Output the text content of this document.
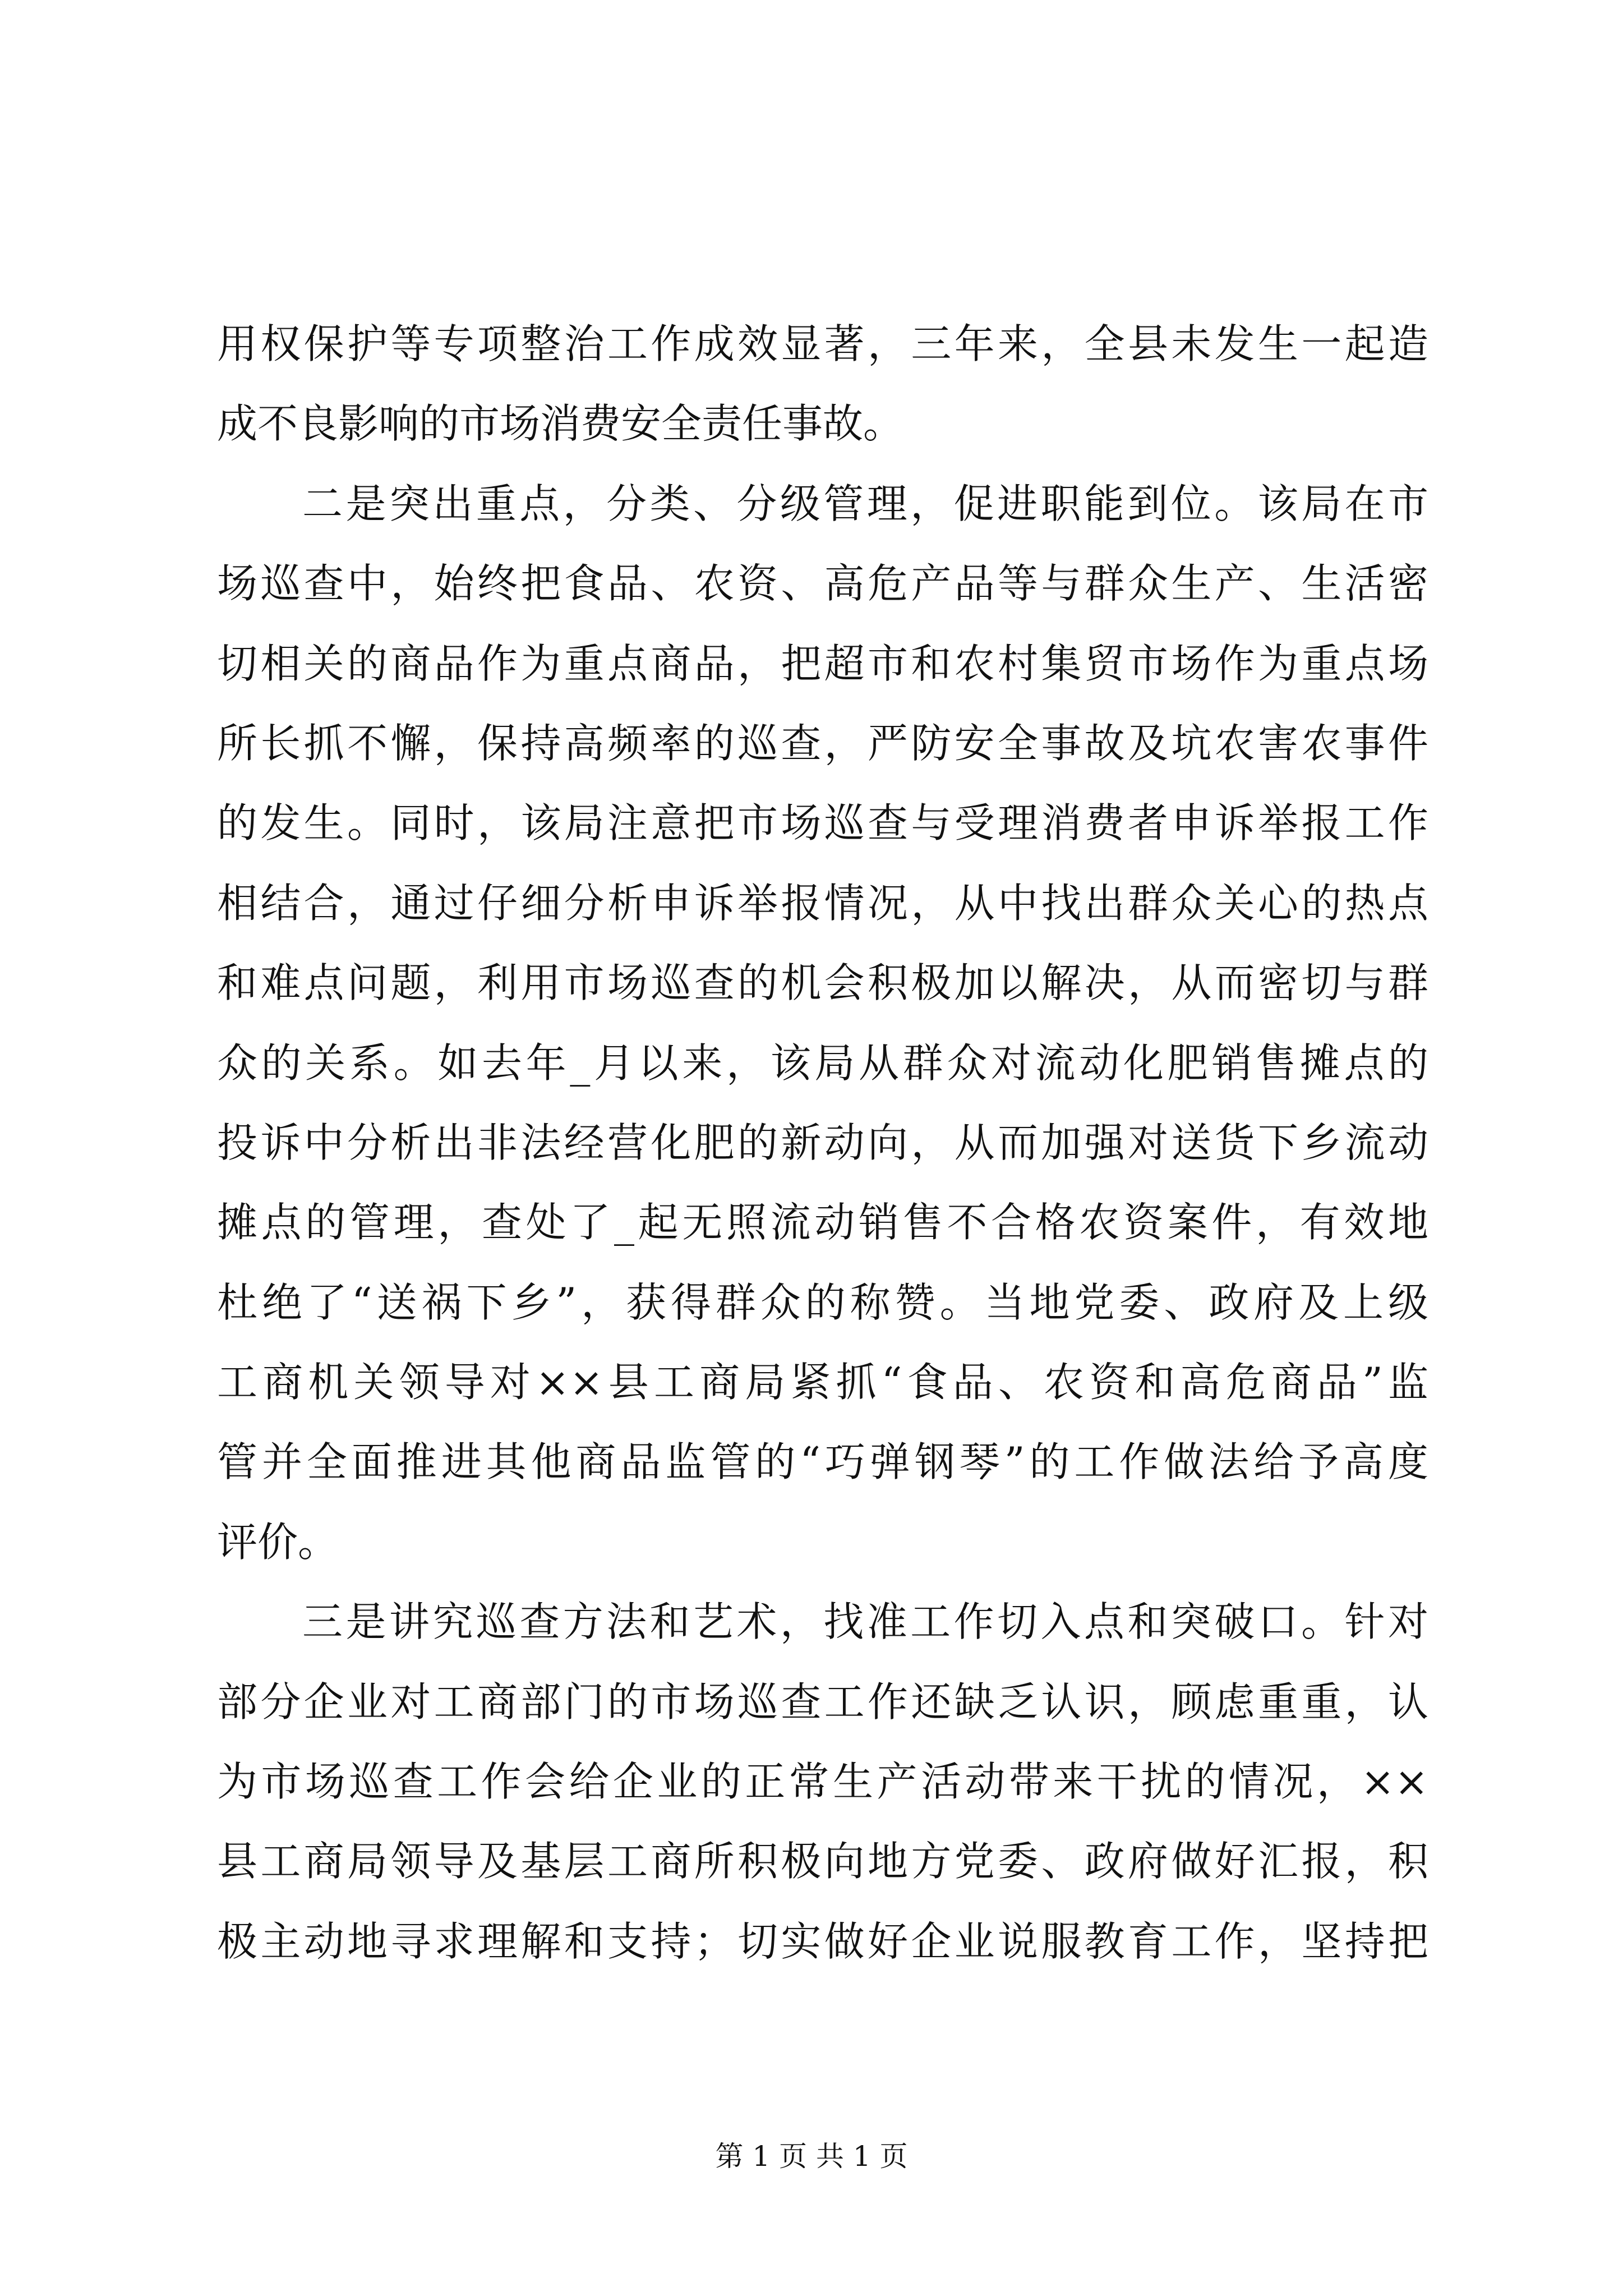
用权保护等专项整治工作成效显著，三年来，全县未发生一起造
成不良影响的市场消费安全责任事故。
二是突出重点，分类、分级管理，促进职能到位。该局在市
场巡查中，始终把食品、农资、高危产品等与群众生产、生活密
切相关的商品作为重点商品，把超市和农村集贸市场作为重点场
所长抓不懈，保持高频率的巡查，严防安全事故及坑农害农事件
的发生。同时，该局注意把市场巡查与受理消费者申诉举报工作
相结合，通过仔细分析申诉举报情况，从中找出群众关心的热点
和难点问题，利用市场巡查的机会积极加以解决，从而密切与群
众的关系。如去年_月以来，该局从群众对流动化肥销售摊点的
投诉中分析出非法经营化肥的新动向，从而加强对送货下乡流动
摊点的管理，查处了_起无照流动销售不合格农资案件，有效地
杜绝了“送祸下乡”，获得群众的称赞。当地党委、政府及上级
工商机关领导对××县工商局紧抓“食品、农资和高危商品”监
管并全面推进其他商品监管的“巧弹钢琴”的工作做法给予高度
评价。
三是讲究巡查方法和艺术，找准工作切入点和突破口。针对
部分企业对工商部门的市场巡查工作还缺乏认识，顾虑重重，认
为市场巡查工作会给企业的正常生产活动带来干扰的情况，××
县工商局领导及基层工商所积极向地方党委、政府做好汇报，积
极主动地寻求理解和支持；切实做好企业说服教育工作，坚持把
第 1 页 共 1 页
